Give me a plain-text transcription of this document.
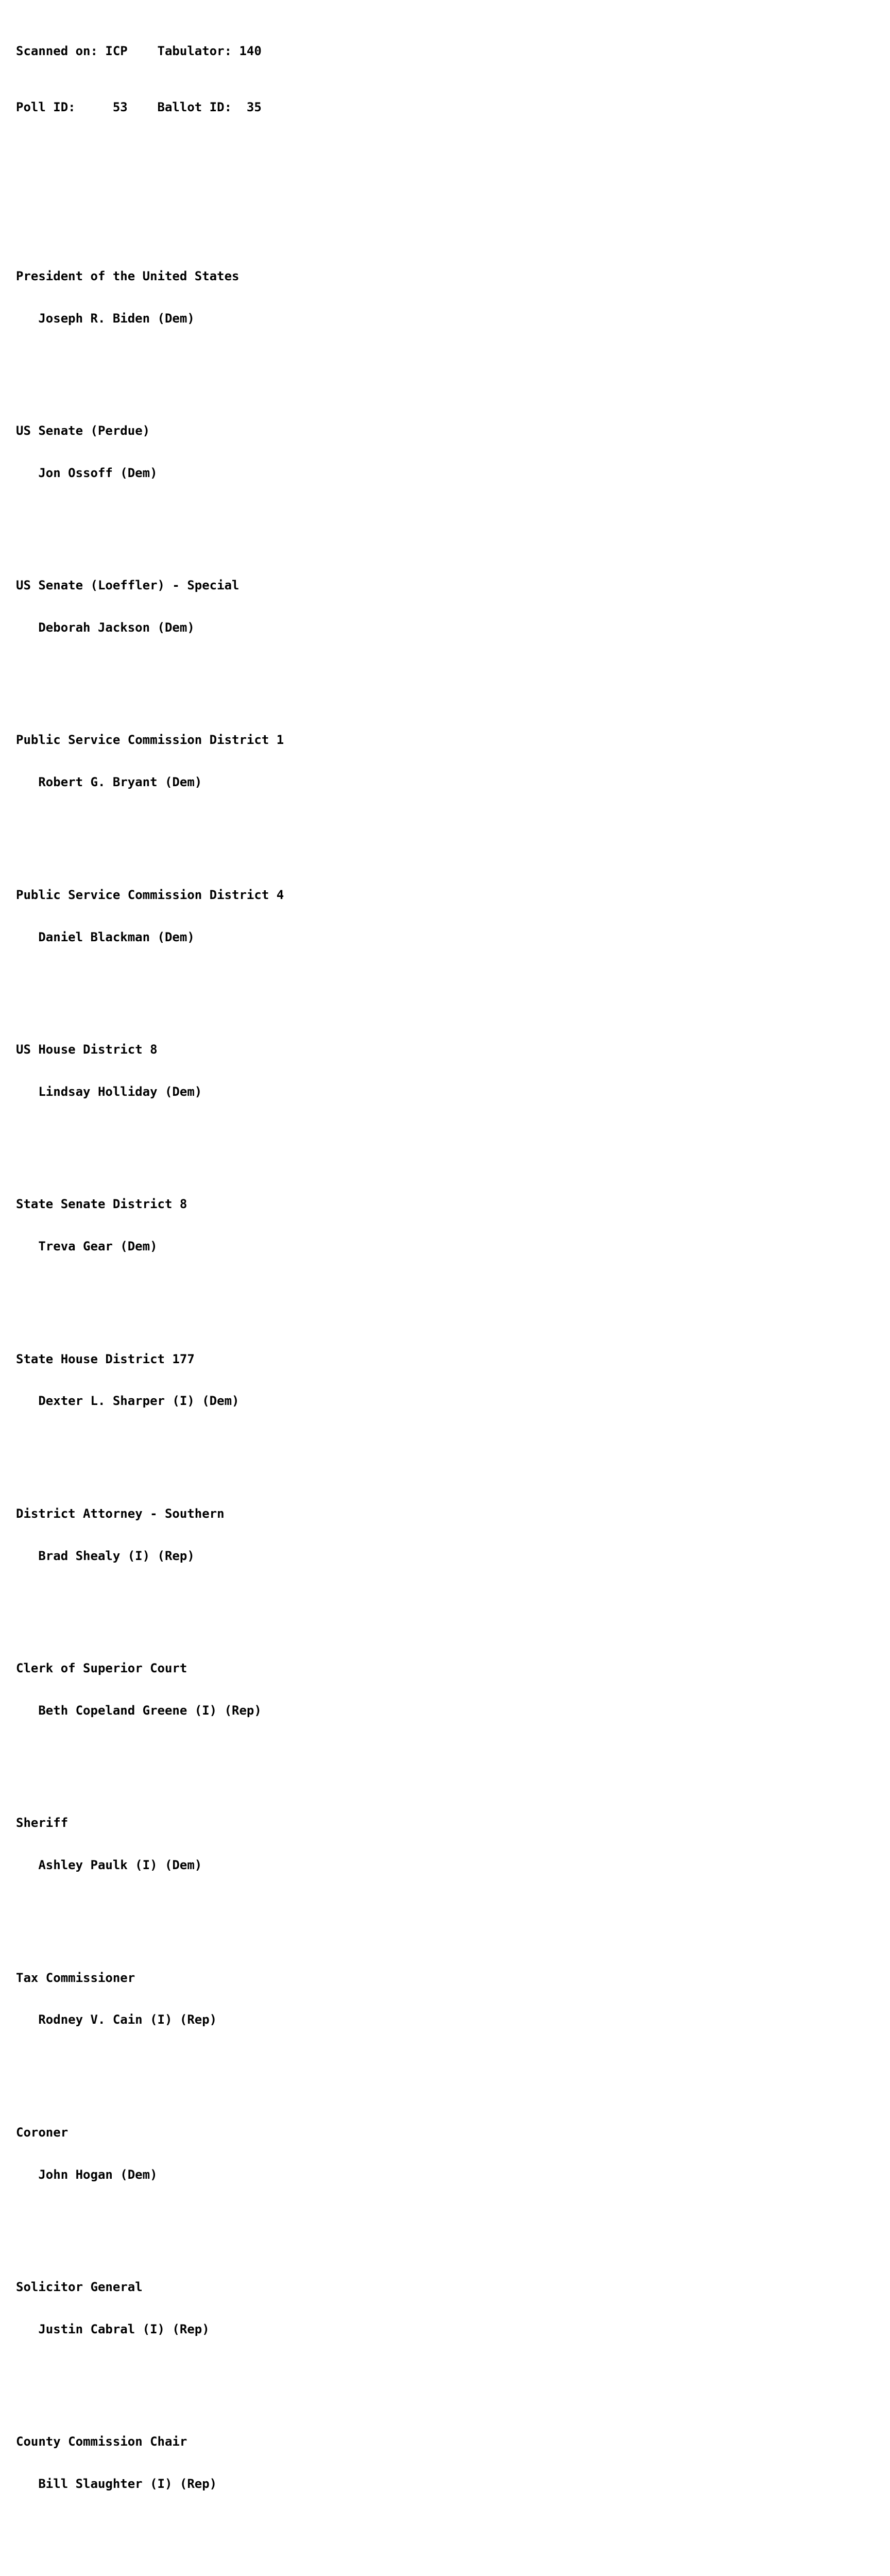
Scanned on:

ICP

Tabulator:

140

Poll ID:

	53

Ballot ID:

35

President of the United States

Joseph R. Biden (Dem)

US Senate (Perdue)

Jon Ossoff (Dem)

US Senate (Loeffler) - Special

Deborah Jackson (Dem)

Public Service Commission District 1

Robert G. Bryant (Dem)

Public Service Commission District 4

Daniel Blackman (Dem)

US House District 8

Lindsay Holliday (Dem)

State Senate District 8

Treva Gear (Dem)

State House District 177

Dexter L. Sharper (I) (Dem)

District Attorney - Southern

Brad Shealy (I) (Rep)

Clerk of Superior Court

Beth Copeland Greene (I) (Rep)

Sheriff

Ashley Paulk (I) (Dem)

Tax Commissioner

Rodney V. Cain (I) (Rep)

Coroner

John Hogan (Dem)

Solicitor General

Justin Cabral (I) (Rep)

County Commission Chair

Bill Slaughter (I) (Rep)
